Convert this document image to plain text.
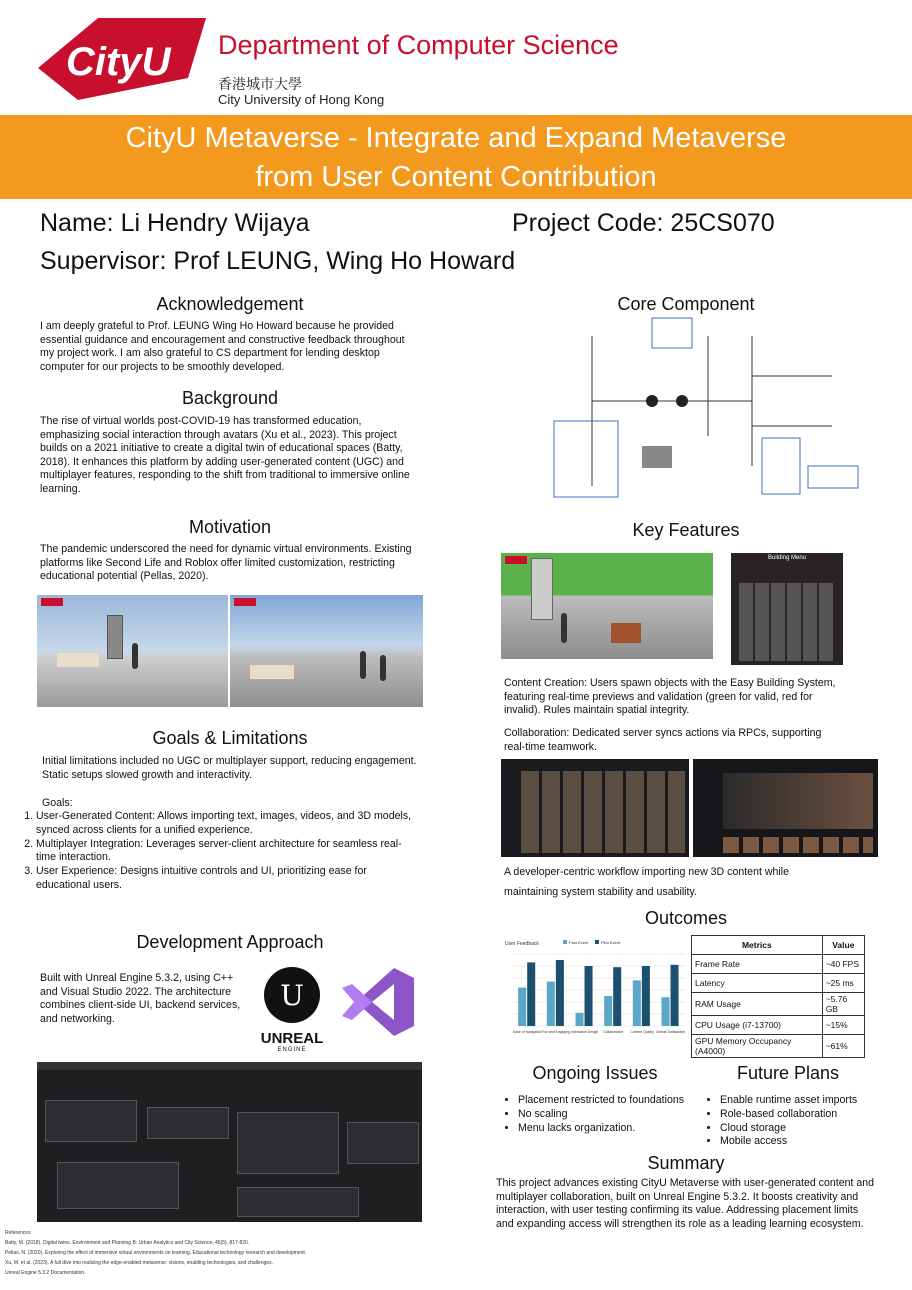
CityU Department of Computer Science
香港城市大學
City University of Hong Kong
CityU Metaverse - Integrate and Expand Metaverse
from User Content Contribution
Name: Li Hendry Wijaya	Project Code: 25CS070
Supervisor: Prof LEUNG, Wing Ho Howard
Acknowledgement
I am deeply grateful to Prof. LEUNG Wing Ho Howard because he provided essential guidance and encouragement and constructive feedback throughout my project work. I am also grateful to CS department for lending desktop computer for our projects to be smoothly developed.
Background
The rise of virtual worlds post-COVID-19 has transformed education, emphasizing social interaction through avatars (Xu et al., 2023). This project builds on a 2021 initiative to create a digital twin of educational spaces (Batty, 2018). It enhances this platform by adding user-generated content (UGC) and multiplayer features, responding to the shift from traditional to immersive online learning.
Motivation
The pandemic underscored the need for dynamic virtual environments. Existing platforms like Second Life and Roblox offer limited customization, restricting educational potential (Pellas, 2020).
Goals & Limitations
Initial limitations included no UGC or multiplayer support, reducing engagement. Static setups slowed growth and interactivity.
Goals:
1. User-Generated Content: Allows importing text, images, videos, and 3D models, synced across clients for a unified experience.
2. Multiplayer Integration: Leverages server-client architecture for seamless real-time interaction.
3. User Experience: Designs intuitive controls and UI, prioritizing ease for educational users.
Development Approach
Built with Unreal Engine 5.3.2, using C++ and Visual Studio 2022. The architecture combines client-side UI, backend services, and networking.
U
UNREAL
ENGINE
References
Batty, M. (2018). Digital twins. Environment and Planning B: Urban Analytics and City Science, 45(5), 817-820.
Pellas, N. (2020). Exploring the effect of immersive virtual environments on learning. Educational technology research and development.
Xu, M. et al. (2023). A full dive into realizing the edge-enabled metaverse: visions, enabling technologies, and challenges.
Unreal Engine 5.3.2 Documentation.
Core Component
Key Features
Building Menu
Content Creation: Users spawn objects with the Easy Building System, featuring real-time previews and validation (green for valid, red for invalid). Rules maintain spatial integrity.
Collaboration: Dedicated server syncs actions via RPCs, supporting real-time teamwork.
A developer-centric workflow importing new 3D content while
maintaining system stability and usability.
Outcomes
User Feedback	Past Event	Pilot Event
Ease of Navigation Fun and Engaging Interactive Design Collaboration Content Quality Overall Satisfaction
Metrics	Value
Frame Rate	~40 FPS
Latency	~25 ms
RAM Usage	~5.76 GB
CPU Usage (i7-13700)	~15%
GPU Memory Occupancy (A4000)	~61%
Ongoing Issues
• Placement restricted to foundations
• No scaling
• Menu lacks organization.
Future Plans
• Enable runtime asset imports
• Role-based collaboration
• Cloud storage
• Mobile access
Summary
This project advances existing CityU Metaverse with user-generated content and multiplayer collaboration, built on Unreal Engine 5.3.2. It boosts creativity and interaction, with user testing confirming its value. Addressing placement limits and expanding access will strengthen its role as a leading learning ecosystem.
